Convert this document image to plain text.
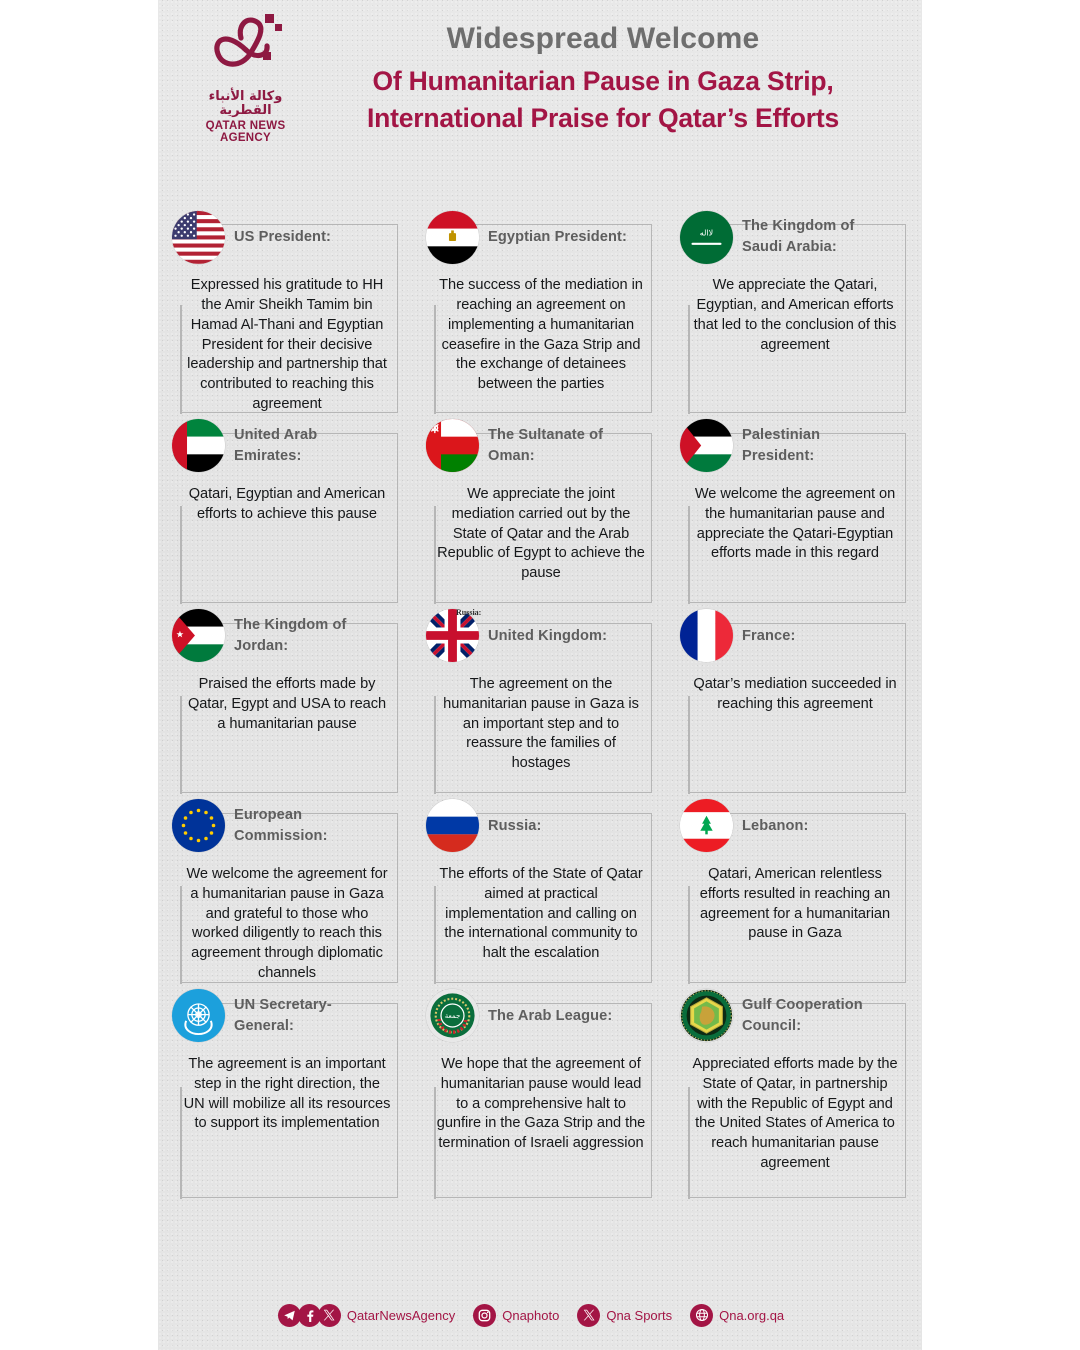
وكالة الأنباء القطرية
QATAR NEWS AGENCY
Widespread Welcome
Of Humanitarian Pause in Gaza Strip,
International Praise for Qatar’s Efforts
US President:
Expressed his gratitude to HH the Amir Sheikh Tamim bin Hamad Al-Thani and Egyptian President for their decisive leadership and partnership that contributed to reaching this agreement
Egyptian President:
The success of the mediation in reaching an agreement on implementing a humanitarian ceasefire in the Gaza Strip and the exchange of detainees between the parties
لااله The Kingdom of Saudi Arabia:
We appreciate the Qatari, Egyptian, and American efforts that led to the conclusion of this agreement
United Arab Emirates:
Qatari, Egyptian and American efforts to achieve this pause
The Sultanate of Oman:
We appreciate the joint mediation carried out by the State of Qatar and the Arab Republic of Egypt to achieve the pause
Russia:
Palestinian President:
We welcome the agreement on the humanitarian pause and appreciate the Qatari-Egyptian efforts made in this regard
The Kingdom of Jordan:
Praised the efforts made by Qatar, Egypt and USA to reach a humanitarian pause
United Kingdom:
The agreement on the humanitarian pause in Gaza is an important step and to reassure the families of hostages
France:
Qatar’s mediation succeeded in reaching this agreement
European Commission:
We welcome the agreement for a humanitarian pause in Gaza and grateful to those who worked diligently to reach this agreement through diplomatic channels
Russia:
The efforts of the State of Qatar aimed at practical implementation and calling on the international community to halt the escalation
Lebanon:
Qatari, American relentless efforts resulted in reaching an agreement for a humanitarian pause in Gaza
UN Secretary-General:
The agreement is an important step in the right direction, the UN will mobilize all its resources to support its implementation
جمعة The Arab League:
We hope that the agreement of humanitarian pause would lead to a comprehensive halt to gunfire in the Gaza Strip and the termination of Israeli aggression
Gulf Cooperation Council:
Appreciated efforts made by the State of Qatar, in partnership with the Republic of Egypt and the United States of America to reach humanitarian pause agreement
QatarNewsAgency	Qnaphoto	Qna Sports	Qna.org.qa
